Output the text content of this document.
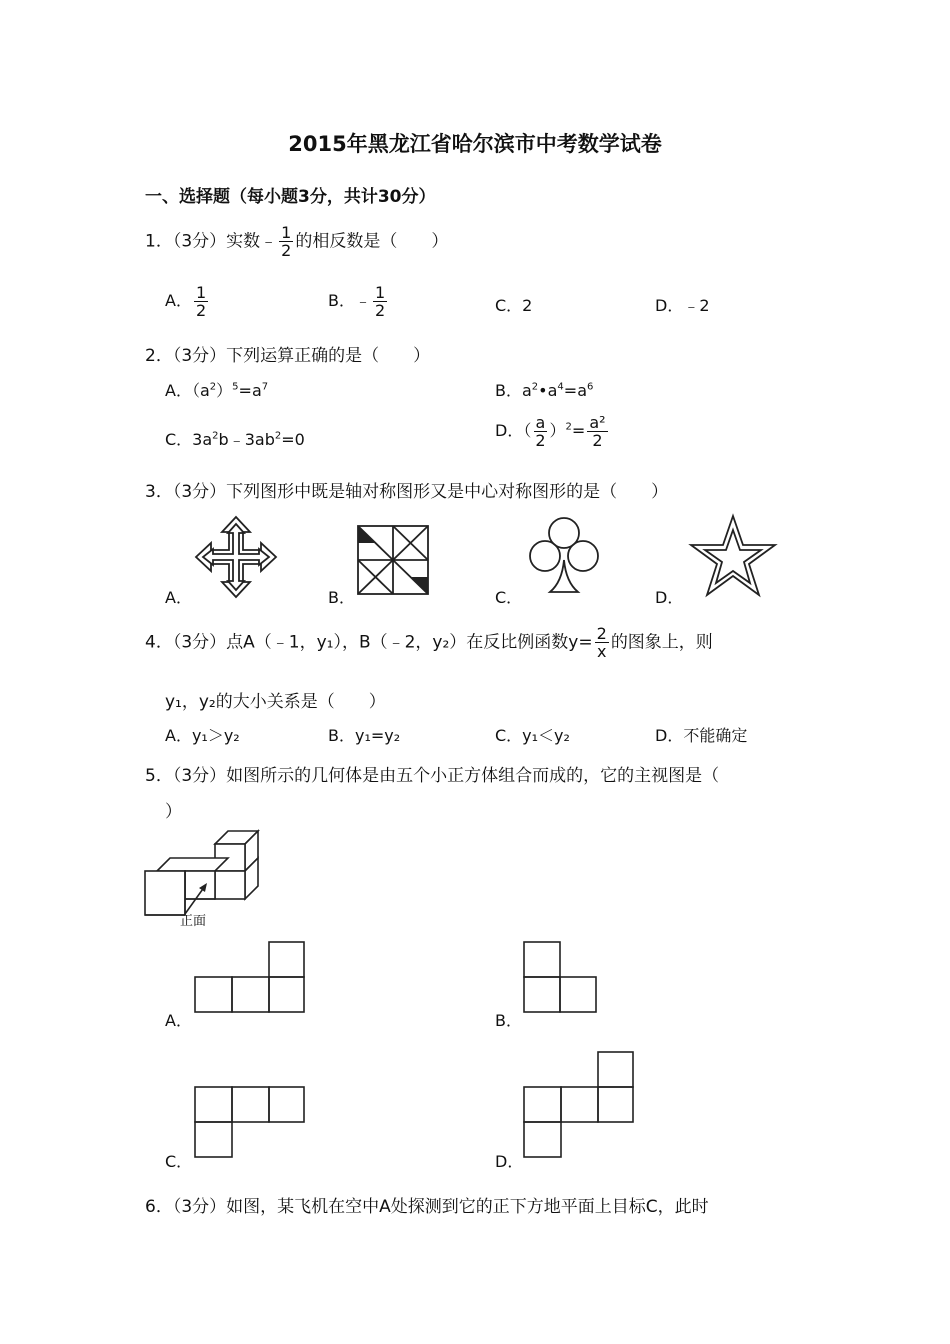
2015年黑龙江省哈尔滨市中考数学试卷
一、选择题（每小题3分，共计30分）
1．（3分）实数﹣ $\frac{1}{2}$ 的相反数是（　　）
A． $\frac{1}{2}$	B．﹣ $\frac{1}{2}$	C．2	D．﹣2
2．（3分）下列运算正确的是（　　）
A．$(a^2)^5=a^7$	B．$a^2•a^4=a^6$
C．$3a^2b﹣3ab^2=0$	D．（ $\frac{a}{2} )^2= \frac{\text{a²}}{2}$
3．（3分）下列图形中既是轴对称图形又是中心对称图形的是（　　）
A．	B．	C．	D．
4．（3分）点A（﹣1，y₁），B（﹣2，y₂）在反比例函数$y= \frac{2}{x}$ 的图象上，则
y₁，y₂的大小关系是（　　）
A．y₁＞y₂	B．y₁=y₂	C．y₁＜y₂	D．不能确定
5．（3分）如图所示的几何体是由五个小正方体组合而成的，它的主视图是（
）
正面
A．	B．
C．	D．
6．（3分）如图，某飞机在空中A处探测到它的正下方地平面上目标C，此时
